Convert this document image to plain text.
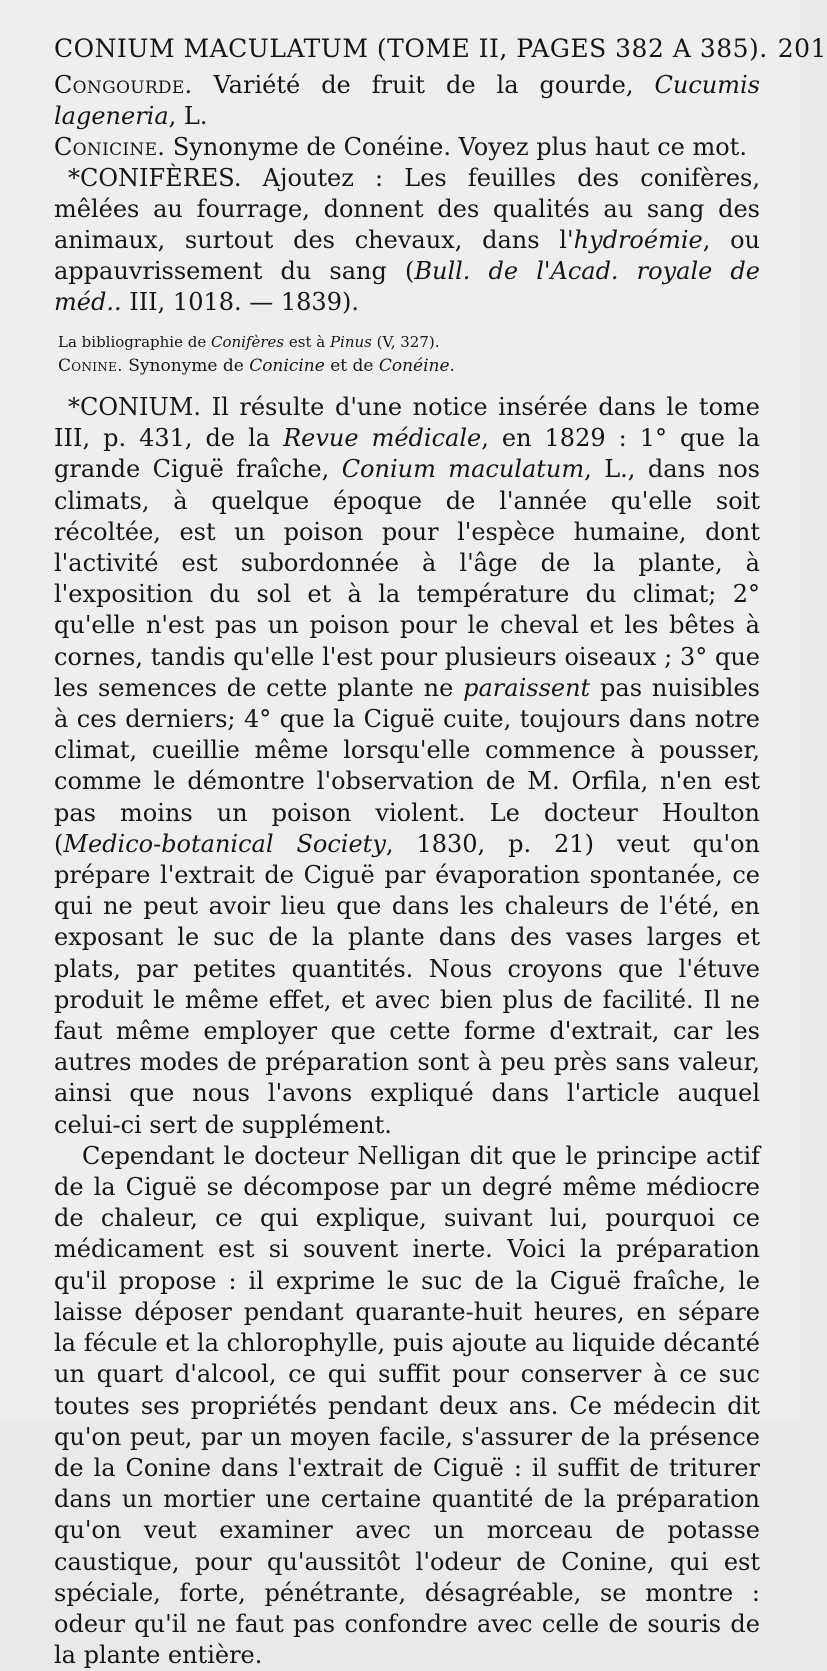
CONIUM MACULATUM (TOME II, PAGES 382 A 385). 201

Congourde. Variété de fruit de la gourde, Cucumis lageneria, L.

Conicine. Synonyme de Conéine. Voyez plus haut ce mot.

*CONIFÈRES. Ajoutez : Les feuilles des conifères, mêlées au fourrage, donnent des qualités au sang des animaux, surtout des chevaux, dans l'hydroémie, ou appauvrissement du sang (Bull. de l'Acad. royale de méd.. III, 1018. — 1839).

La bibliographie de Conifères est à Pinus (V, 327).

Conine. Synonyme de Conicine et de Conéine.

*CONIUM. Il résulte d'une notice insérée dans le tome III, p. 431, de la Revue médicale, en 1829 : 1° que la grande Ciguë fraîche, Conium maculatum, L., dans nos climats, à quelque époque de l'année qu'elle soit récoltée, est un poison pour l'espèce humaine, dont l'activité est subordonnée à l'âge de la plante, à l'exposition du sol et à la température du climat; 2° qu'elle n'est pas un poison pour le cheval et les bêtes à cornes, tandis qu'elle l'est pour plusieurs oiseaux ; 3° que les semences de cette plante ne paraissent pas nuisibles à ces derniers; 4° que la Ciguë cuite, toujours dans notre climat, cueillie même lorsqu'elle commence à pousser, comme le démontre l'observation de M. Orfila, n'en est pas moins un poison violent. Le docteur Houlton (Medico-botanical Society, 1830, p. 21) veut qu'on prépare l'extrait de Ciguë par évaporation spontanée, ce qui ne peut avoir lieu que dans les chaleurs de l'été, en exposant le suc de la plante dans des vases larges et plats, par petites quantités. Nous croyons que l'étuve produit le même effet, et avec bien plus de facilité. Il ne faut même employer que cette forme d'extrait, car les autres modes de préparation sont à peu près sans valeur, ainsi que nous l'avons expliqué dans l'article auquel celui-ci sert de supplément.

Cependant le docteur Nelligan dit que le principe actif de la Ciguë se décompose par un degré même médiocre de chaleur, ce qui explique, suivant lui, pourquoi ce médicament est si souvent inerte. Voici la préparation qu'il propose : il exprime le suc de la Ciguë fraîche, le laisse déposer pendant quarante-huit heures, en sépare la fécule et la chlorophylle, puis ajoute au liquide décanté un quart d'alcool, ce qui suffit pour conserver à ce suc toutes ses propriétés pendant deux ans. Ce médecin dit qu'on peut, par un moyen facile, s'assurer de la présence de la Conine dans l'extrait de Ciguë : il suffit de triturer dans un mortier une certaine quantité de la préparation qu'on veut examiner avec un morceau de potasse caustique, pour qu'aussitôt l'odeur de Conine, qui est spéciale, forte, pénétrante, désagréable, se montre : odeur qu'il ne faut pas confondre avec celle de souris de la plante entière.
